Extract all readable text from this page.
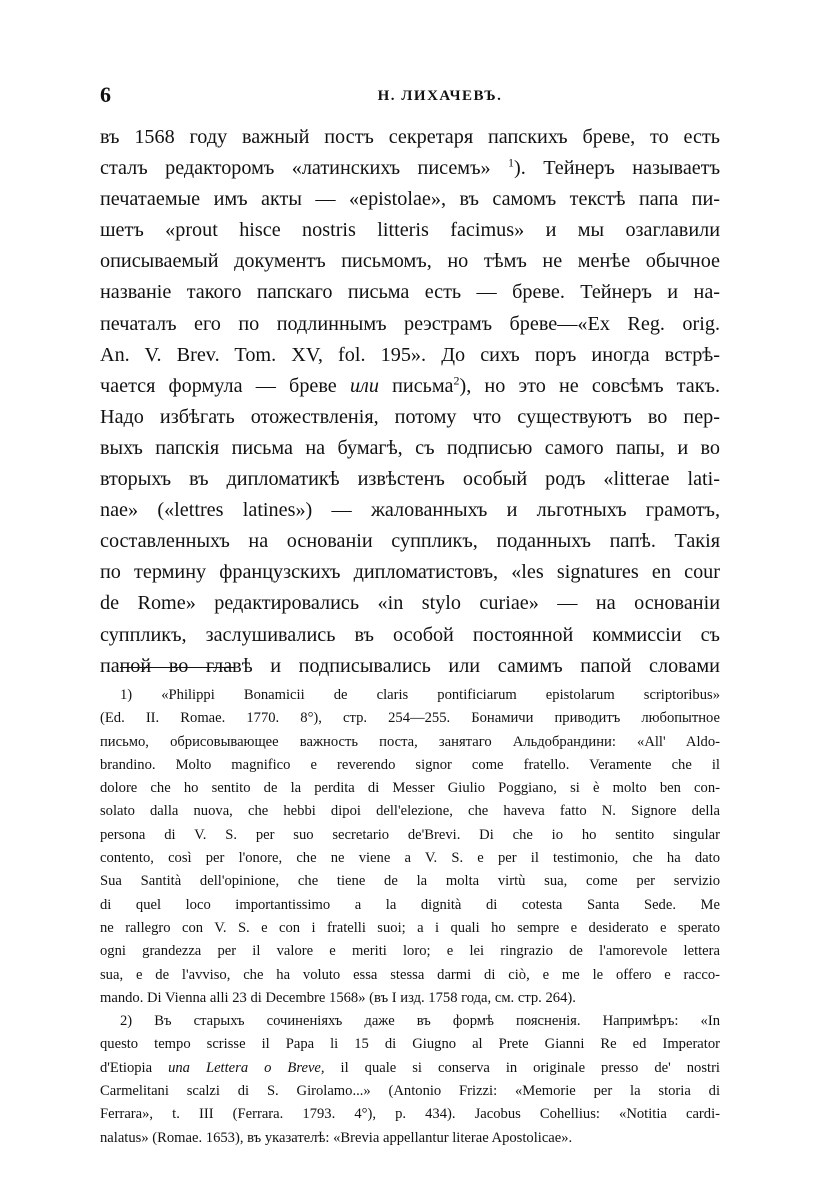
6	Н. ЛИХАЧЕВЪ.
въ 1568 году важный постъ секретаря папскихъ бреве, то есть
сталъ редакторомъ «латинскихъ писемъ» $^1$). Тейнеръ называетъ
печатаемые имъ акты — «epistolae», въ самомъ текстѣ папа пи-
шетъ «prout hisce nostris litteris facimus» и мы озаглавили
описываемый документъ письмомъ, но тѣмъ не менѣе обычное
названіе такого папскаго письма есть — бреве. Тейнеръ и на-
печаталъ его по подлиннымъ реэстрамъ бреве—«Ex Reg. orig.
An. V. Brev. Tom. XV, fol. 195». До сихъ поръ иногда встрѣ-
чается формула — бреве или письма$^2$), но это не совсѣмъ такъ.
Надо избѣгать отожествленія, потому что существуютъ во пер-
выхъ папскія письма на бумагѣ, съ подписью самого папы, и во
вторыхъ въ дипломатикѣ извѣстенъ особый родъ «litterae lati-
nae» («lettres latines») — жалованныхъ и льготныхъ грамотъ,
составленныхъ на основаніи суппликъ, поданныхъ папѣ. Такія
по термину французскихъ дипломатистовъ, «les signatures en cour
de Rome» редактировались «in stylo curiae» — на основаніи
суппликъ, заслушивались въ особой постоянной коммиссіи съ
папой во главѣ и подписывались или самимъ папой словами
1) «Philippi Bonamicii de claris pontificiarum epistolarum scriptoribus»
(Ed. II. Romae. 1770. 8°), стр. 254—255. Бонамичи приводитъ любопытное
письмо, обрисовывающее важность поста, занятаго Альдобрандини: «All' Aldo-
brandino. Molto magnifico e reverendo signor come fratello. Veramente che il
dolore che ho sentito de la perdita di Messer Giulio Poggiano, si è molto ben con-
solato dalla nuova, che hebbi dipoi dell'elezione, che haveva fatto N. Signore della
persona di V. S. per suo secretario de'Brevi. Di che io ho sentito singular
contento, così per l'onore, che ne viene a V. S. e per il testimonio, che ha dato
Sua Santità dell'opinione, che tiene de la molta virtù sua, come per servizio
di quel loco importantissimo a la dignità di cotesta Santa Sede. Me
ne rallegro con V. S. e con i fratelli suoi; a i quali ho sempre e desiderato e sperato
ogni grandezza per il valore e meriti loro; e lei ringrazio de l'amorevole lettera
sua, e de l'avviso, che ha voluto essa stessa darmi di ciò, e me le offero e racco-
mando. Di Vienna alli 23 di Decembre 1568» (въ I изд. 1758 года, см. стр. 264).
2) Въ старыхъ сочиненіяхъ даже въ формѣ поясненія. Напримѣръ: «In
questo tempo scrisse il Papa li 15 di Giugno al Prete Gianni Re ed Imperator
d'Etiopia una Lettera o Breve, il quale si conserva in originale presso de' nostri
Carmelitani scalzi di S. Girolamo...» (Antonio Frizzi: «Memorie per la storia di
Ferrara», t. III (Ferrara. 1793. 4°), p. 434). Jacobus Cohellius: «Notitia cardi-
nalatus» (Romae. 1653), въ указателѣ: «Brevia appellantur literae Apostolicae».
